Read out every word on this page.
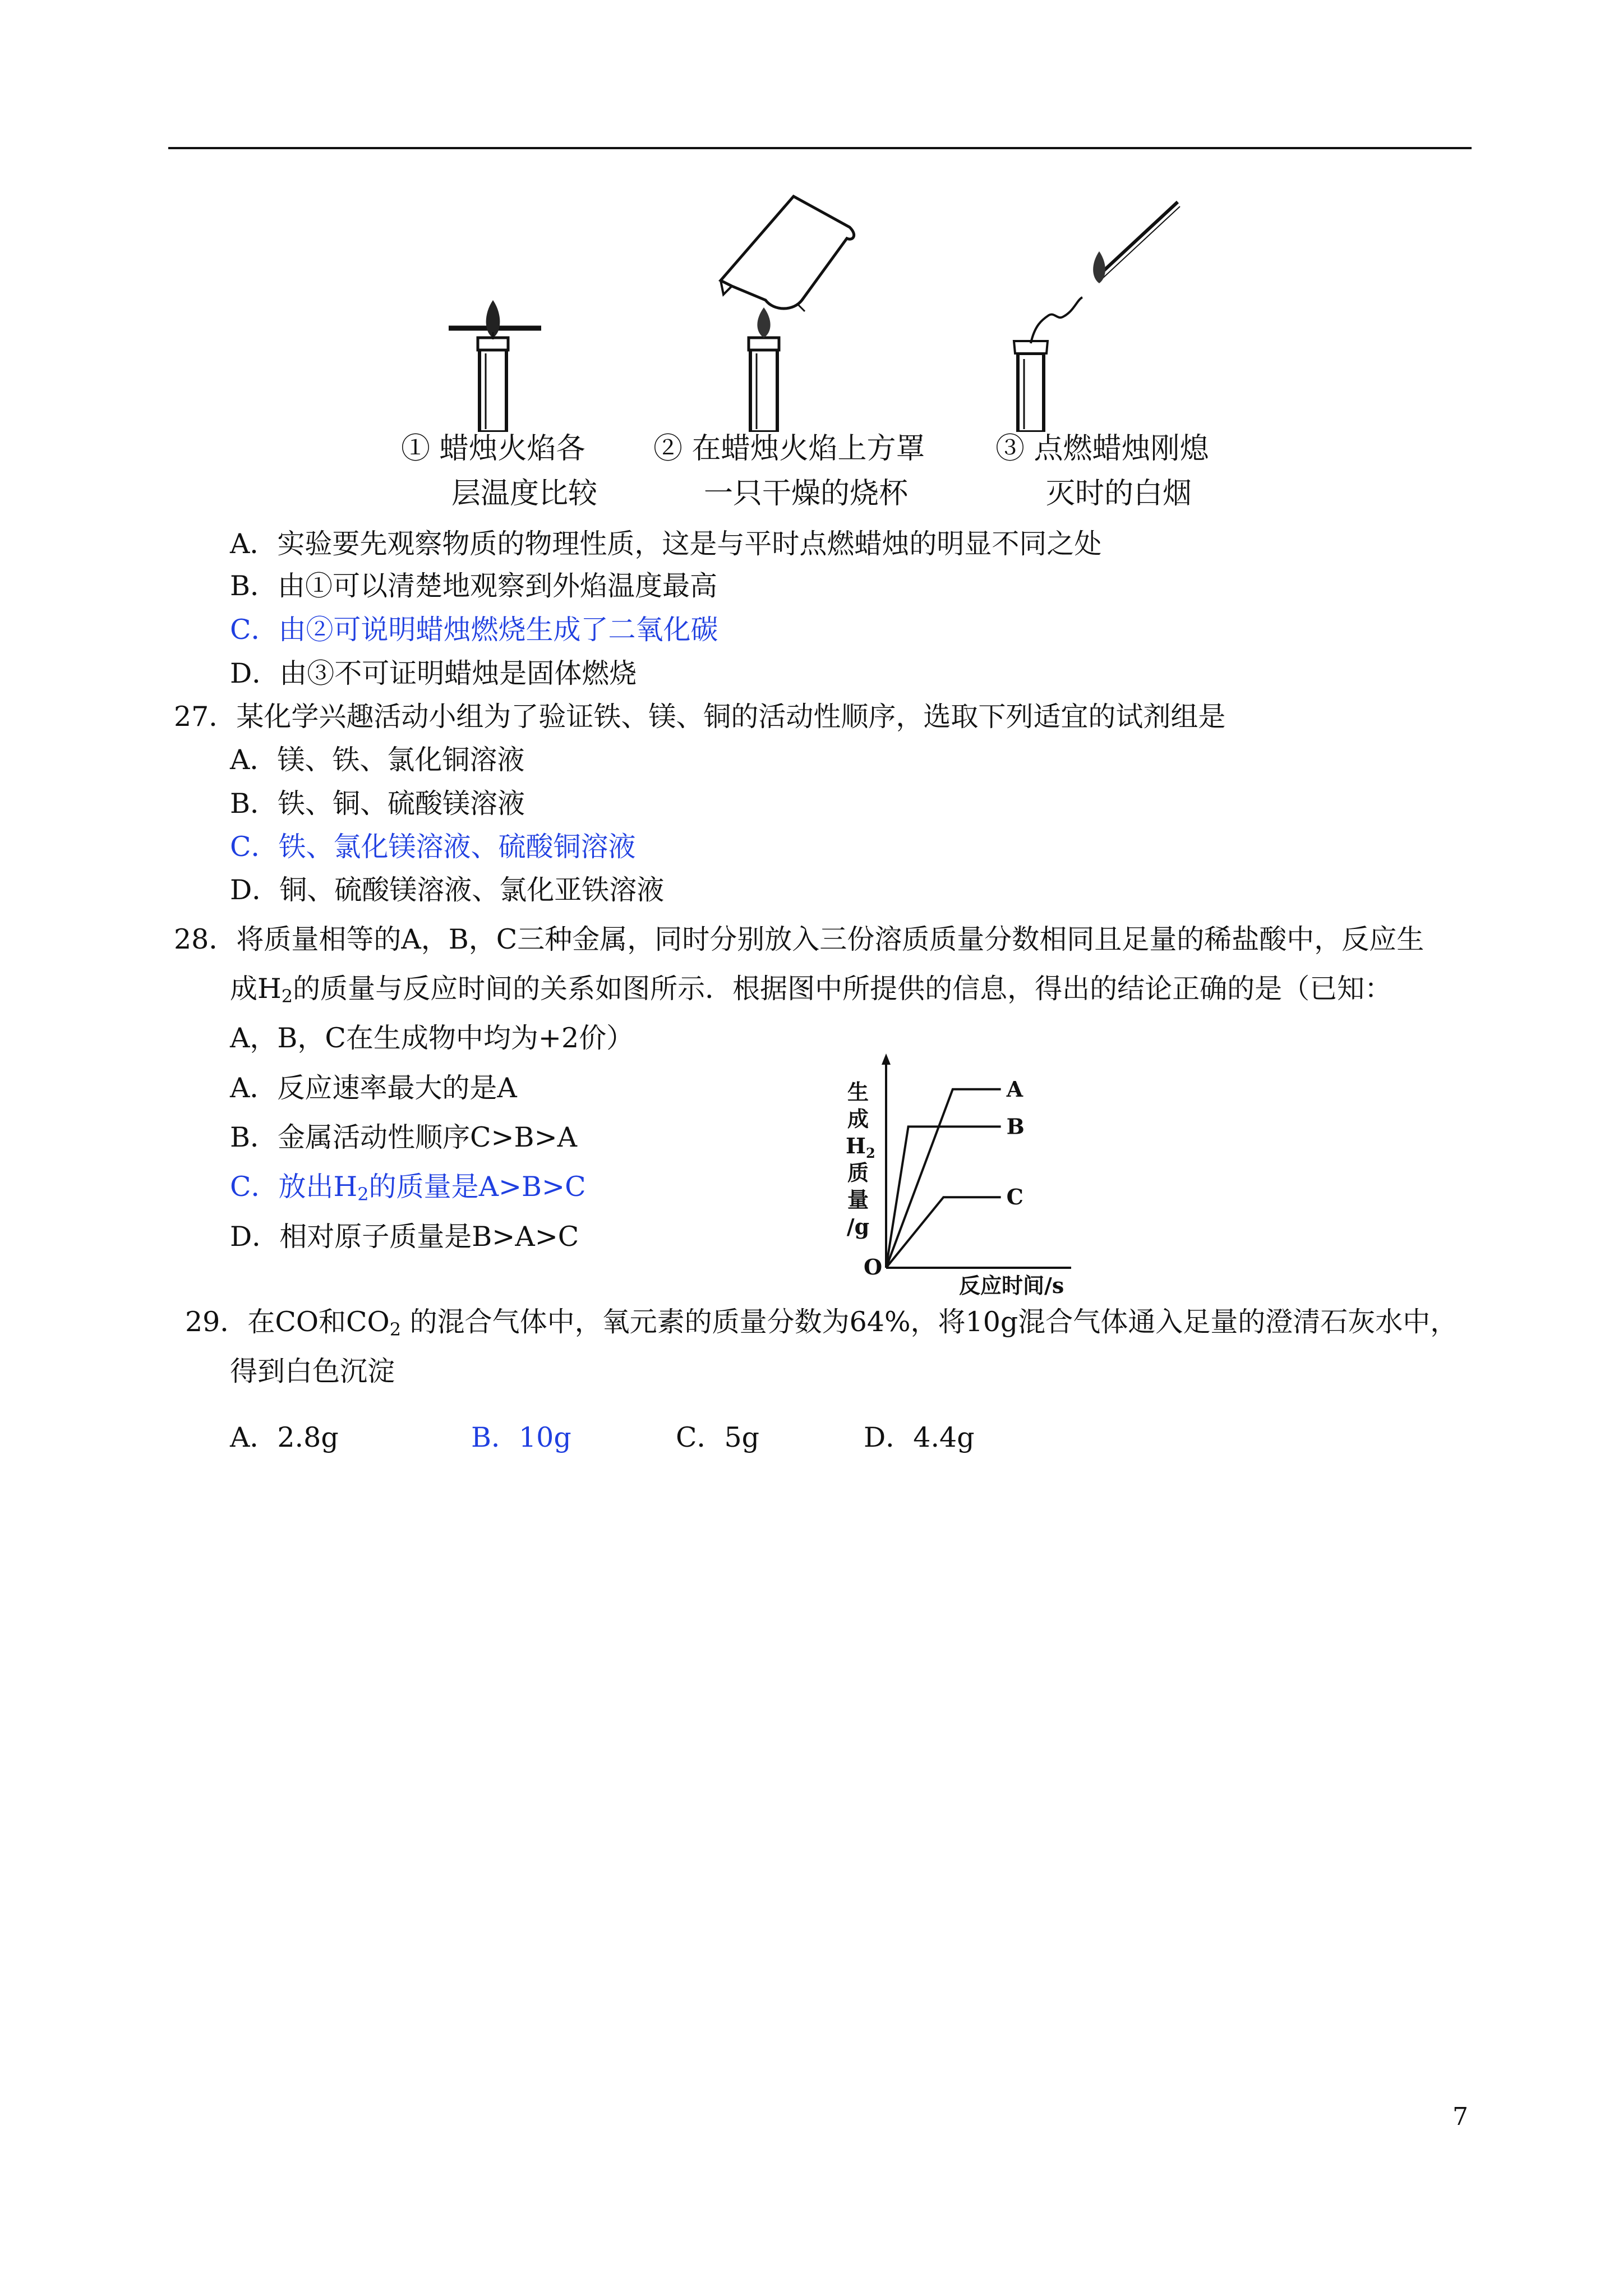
① 蜡烛火焰各
层温度比较
② 在蜡烛火焰上方罩
一只干燥的烧杯
③ 点燃蜡烛刚熄
灭时的白烟
A．实验要先观察物质的物理性质，这是与平时点燃蜡烛的明显不同之处
B．由①可以清楚地观察到外焰温度最高
C．由②可说明蜡烛燃烧生成了二氧化碳
D．由③不可证明蜡烛是固体燃烧
27．某化学兴趣活动小组为了验证铁、镁、铜的活动性顺序，选取下列适宜的试剂组是
A．镁、铁、氯化铜溶液
B．铁、铜、硫酸镁溶液
C．铁、氯化镁溶液、硫酸铜溶液
D．铜、硫酸镁溶液、氯化亚铁溶液
28．将质量相等的A，B，C三种金属，同时分别放入三份溶质质量分数相同且足量的稀盐酸中，反应生
成$H_2$的质量与反应时间的关系如图所示．根据图中所提供的信息，得出的结论正确的是（已知：
A，B，C在生成物中均为+2价）
A．反应速率最大的是A
B．金属活动性顺序C>B>A
C．放出$H_2$的质量是A>B>C
D．相对原子质量是B>A>C
生
成
H 2
质
量
/g
O
反应时间/s
A
B
C
29．在CO和$CO_2$ 的混合气体中，氧元素的质量分数为64%，将10g混合气体通入足量的澄清石灰水中，
得到白色沉淀
A．2.8g	B．10g	C．5g	D．4.4g
7
